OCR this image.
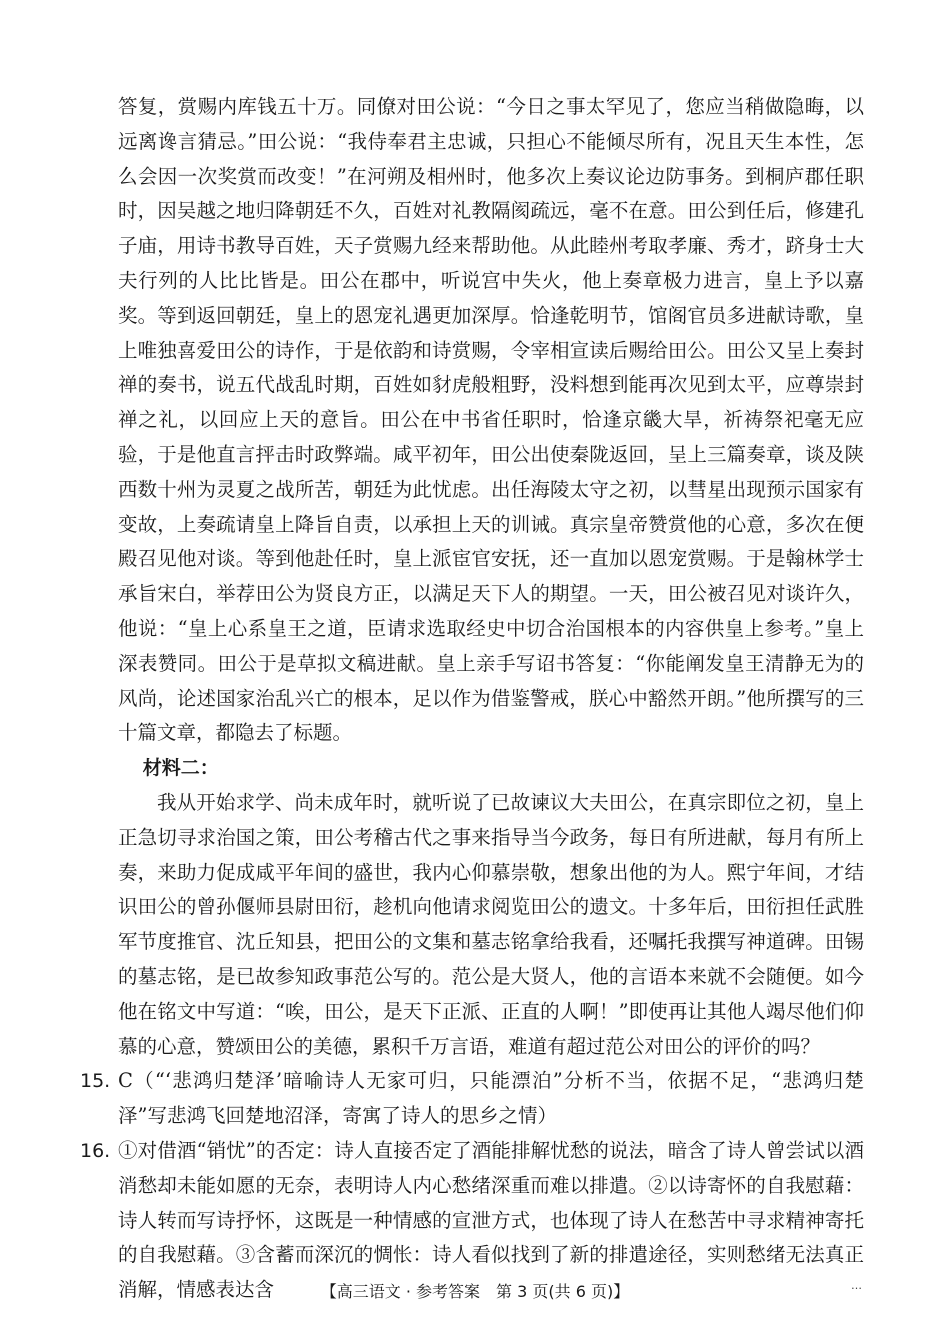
答复，赏赐内库钱五十万。同僚对田公说：“今日之事太罕见了，您应当稍做隐晦，以远离谗言猜忌。”田公说：“我侍奉君主忠诚，只担心不能倾尽所有，况且天生本性，怎么会因一次奖赏而改变！”在河朔及相州时，他多次上奏议论边防事务。到桐庐郡任职时，因吴越之地归降朝廷不久，百姓对礼教隔阂疏远，毫不在意。田公到任后，修建孔子庙，用诗书教导百姓，天子赏赐九经来帮助他。从此睦州考取孝廉、秀才，跻身士大夫行列的人比比皆是。田公在郡中，听说宫中失火，他上奏章极力进言，皇上予以嘉奖。等到返回朝廷，皇上的恩宠礼遇更加深厚。恰逢乾明节，馆阁官员多进献诗歌，皇上唯独喜爱田公的诗作，于是依韵和诗赏赐，令宰相宣读后赐给田公。田公又呈上奏封禅的奏书，说五代战乱时期，百姓如豺虎般粗野，没料想到能再次见到太平，应尊崇封禅之礼，以回应上天的意旨。田公在中书省任职时，恰逢京畿大旱，祈祷祭祀毫无应验，于是他直言抨击时政弊端。咸平初年，田公出使秦陇返回，呈上三篇奏章，谈及陕西数十州为灵夏之战所苦，朝廷为此忧虑。出任海陵太守之初，以彗星出现预示国家有变故，上奏疏请皇上降旨自责，以承担上天的训诫。真宗皇帝赞赏他的心意，多次在便殿召见他对谈。等到他赴任时，皇上派宦官安抚，还一直加以恩宠赏赐。于是翰林学士承旨宋白，举荐田公为贤良方正，以满足天下人的期望。一天，田公被召见对谈许久，他说：“皇上心系皇王之道，臣请求选取经史中切合治国根本的内容供皇上参考。”皇上深表赞同。田公于是草拟文稿进献。皇上亲手写诏书答复：“你能阐发皇王清静无为的风尚，论述国家治乱兴亡的根本，足以作为借鉴警戒，朕心中豁然开朗。”他所撰写的三十篇文章，都隐去了标题。

材料二：

我从开始求学、尚未成年时，就听说了已故谏议大夫田公，在真宗即位之初，皇上正急切寻求治国之策，田公考稽古代之事来指导当今政务，每日有所进献，每月有所上奏，来助力促成咸平年间的盛世，我内心仰慕崇敬，想象出他的为人。熙宁年间，才结识田公的曾孙偃师县尉田衍，趁机向他请求阅览田公的遗文。十多年后，田衍担任武胜军节度推官、沈丘知县，把田公的文集和墓志铭拿给我看，还嘱托我撰写神道碑。田锡的墓志铭，是已故参知政事范公写的。范公是大贤人，他的言语本来就不会随便。如今他在铭文中写道：“唉，田公，是天下正派、正直的人啊！”即使再让其他人竭尽他们仰慕的心意，赞颂田公的美德，累积千万言语，难道有超过范公对田公的评价的吗？

15. C（“‘悲鸿归楚泽’暗喻诗人无家可归，只能漂泊”分析不当，依据不足，“悲鸿归楚泽”写悲鸿飞回楚地沼泽，寄寓了诗人的思乡之情）
16. ①对借酒“销忧”的否定：诗人直接否定了酒能排解忧愁的说法，暗含了诗人曾尝试以酒消愁却未能如愿的无奈，表明诗人内心愁绪深重而难以排遣。②以诗寄怀的自我慰藉：诗人转而写诗抒怀，这既是一种情感的宣泄方式，也体现了诗人在愁苦中寻求精神寄托的自我慰藉。③含蓄而深沉的惆怅：诗人看似找到了新的排遣途径，实则愁绪无法真正消解，情感表达含	【高三语文 · 参考答案　第 3 页(共 6 页)】	…
